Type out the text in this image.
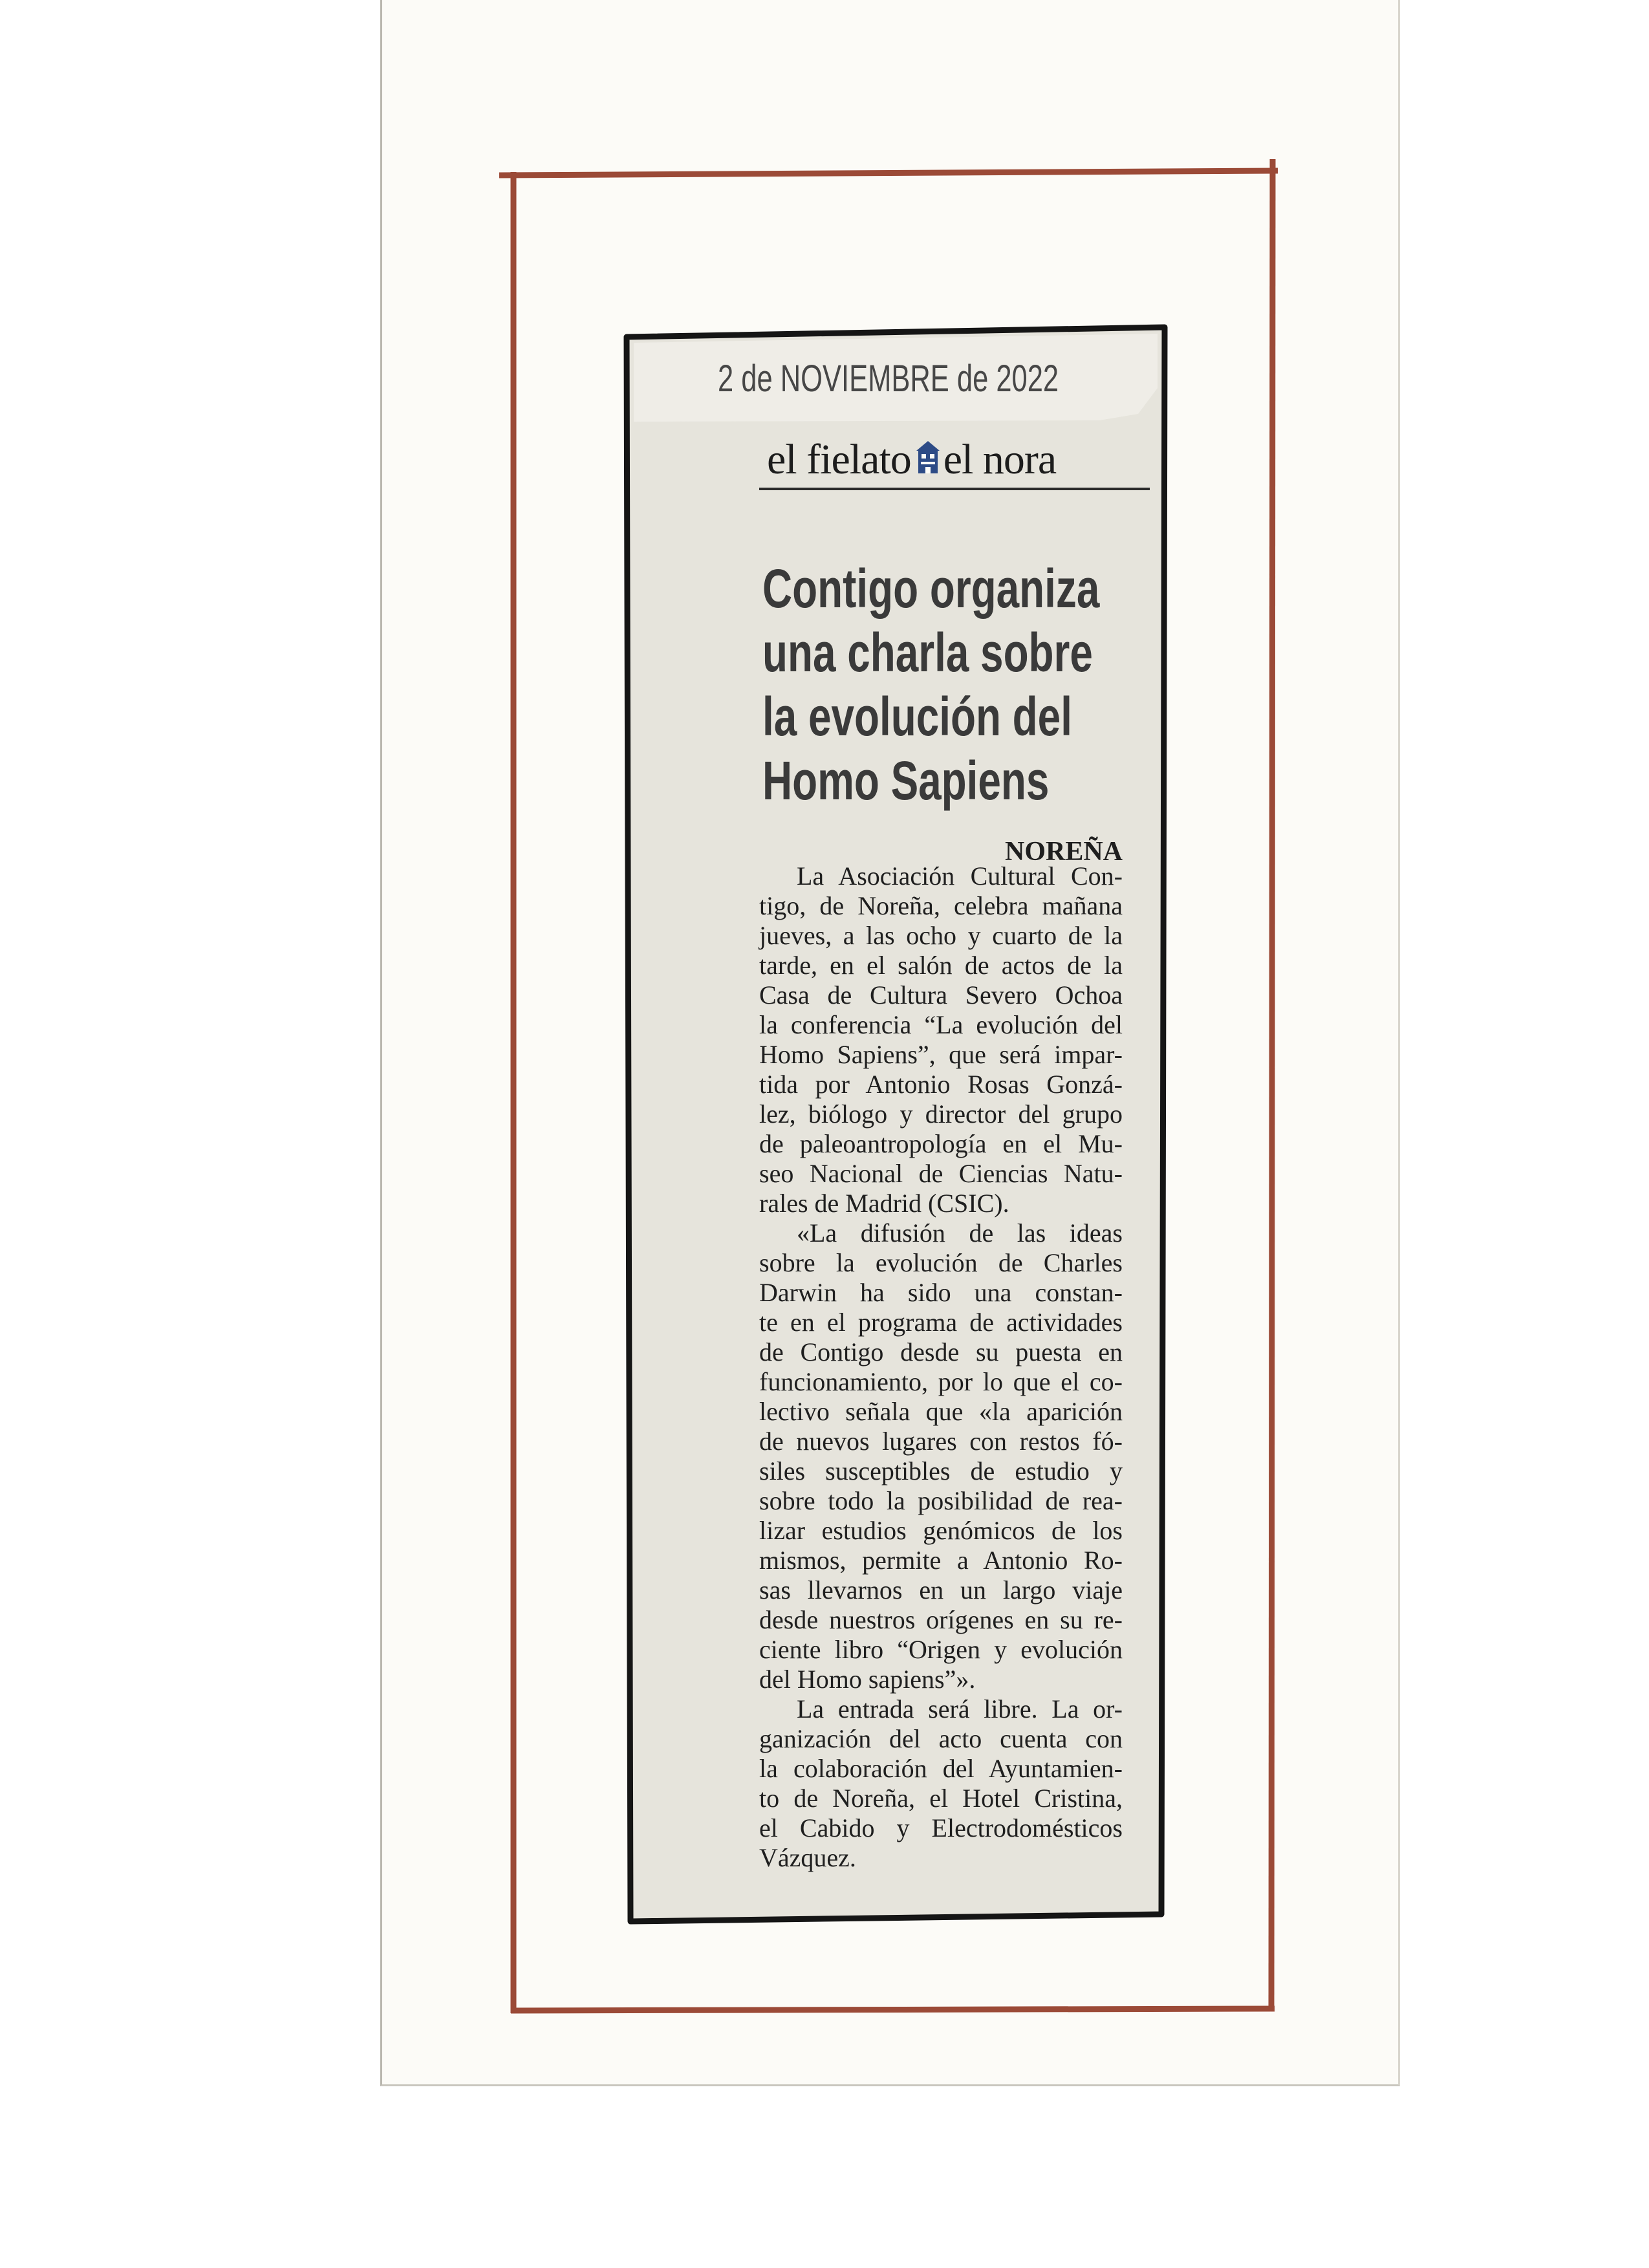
2 de NOVIEMBRE de 2022
el fielato el nora
Contigo organiza
una charla sobre
la evolución del
Homo Sapiens
NOREÑA
La Asociación Cultural Con-
tigo, de Noreña, celebra mañana
jueves, a las ocho y cuarto de la
tarde, en el salón de actos de la
Casa de Cultura Severo Ochoa
la conferencia “La evolución del
Homo Sapiens”, que será impar-
tida por Antonio Rosas Gonzá-
lez, biólogo y director del grupo
de paleoantropología en el Mu-
seo Nacional de Ciencias Natu-
rales de Madrid (CSIC).
«La difusión de las ideas
sobre la evolución de Charles
Darwin ha sido una constan-
te en el programa de actividades
de Contigo desde su puesta en
funcionamiento, por lo que el co-
lectivo señala que «la aparición
de nuevos lugares con restos fó-
siles susceptibles de estudio y
sobre todo la posibilidad de rea-
lizar estudios genómicos de los
mismos, permite a Antonio Ro-
sas llevarnos en un largo viaje
desde nuestros orígenes en su re-
ciente libro “Origen y evolución
del Homo sapiens”».
La entrada será libre. La or-
ganización del acto cuenta con
la colaboración del Ayuntamien-
to de Noreña, el Hotel Cristina,
el Cabido y Electrodomésticos
Vázquez.
